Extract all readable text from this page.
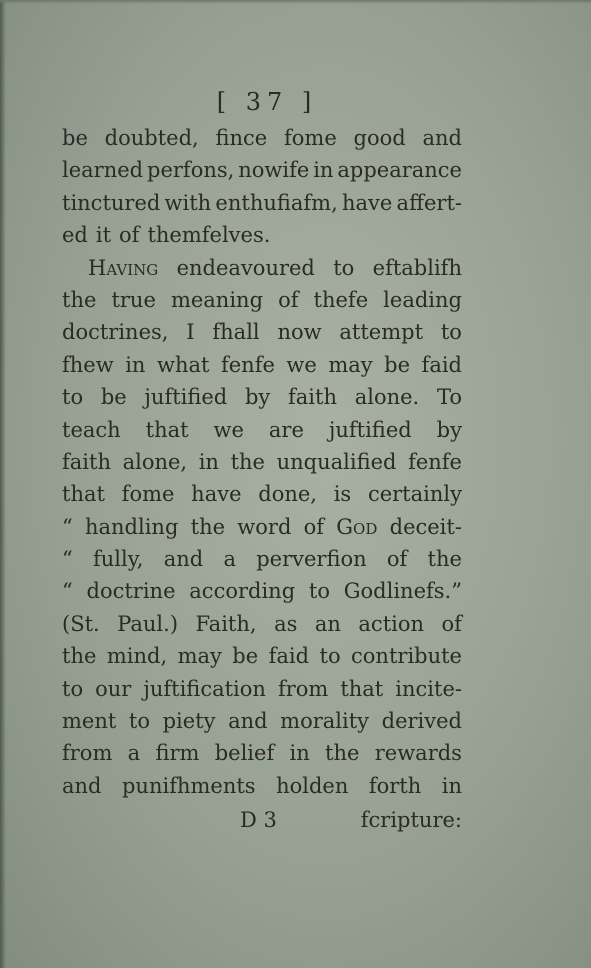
[ 37 ]
be doubted, fince fome good and
learned perfons, nowife in appearance
tinctured with enthufiafm, have affert-
ed it of themfelves.
Having endeavoured to eftablifh
the true meaning of thefe leading
doctrines, I fhall now attempt to
fhew in what fenfe we may be faid
to be juftified by faith alone. To
teach that we are juftified by
faith alone, in the unqualified fenfe
that fome have done, is certainly
“ handling the word of God deceit-
“ fully, and a perverfion of the
“ doctrine according to Godlinefs.”
(St. Paul.) Faith, as an action of
the mind, may be faid to contribute
to our juftification from that incite-
ment to piety and morality derived
from a firm belief in the rewards
and punifhments holden forth in
D 3	fcripture:
